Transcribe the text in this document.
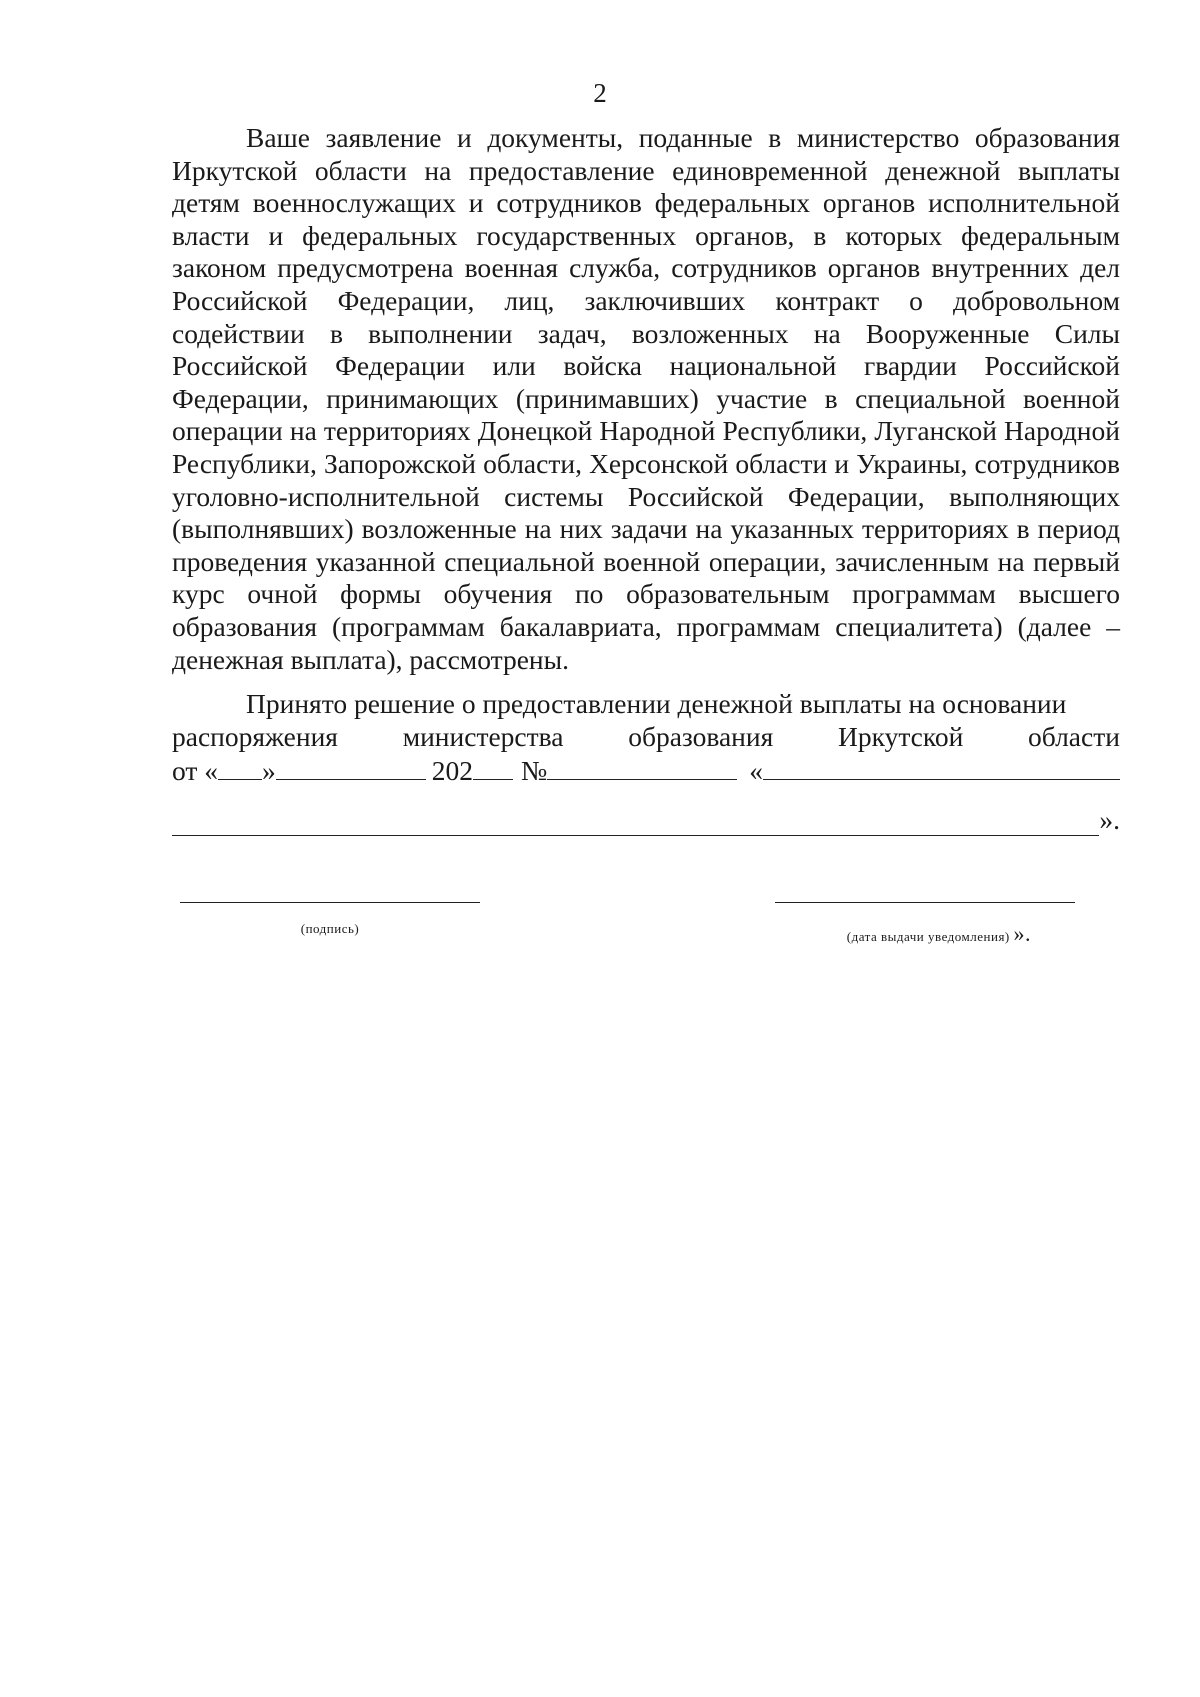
2

Ваше заявление и документы, поданные в министерство образования Иркутской области на предоставление единовременной денежной выплаты детям военнослужащих и сотрудников федеральных органов исполнительной власти и федеральных государственных органов, в которых федеральным законом предусмотрена военная служба, сотрудников органов внутренних дел Российской Федерации, лиц, заключивших контракт о добровольном содействии в выполнении задач, возложенных на Вооруженные Силы Российской Федерации или войска национальной гвардии Российской Федерации, принимающих (принимавших) участие в специальной военной операции на территориях Донецкой Народной Республики, Луганской Народной Республики, Запорожской области, Херсонской области и Украины, сотрудников уголовно-исполнительной системы Российской Федерации, выполняющих (выполнявших) возложенные на них задачи на указанных территориях в период проведения указанной специальной военной операции, зачисленным на первый курс очной формы обучения по образовательным программам высшего образования (программам бакалавриата, программам специалитета) (далее – денежная выплата), рассмотрены.

Принято решение о предоставлении денежной выплаты на основании

распоряжения министерства образования Иркутской области
от « »	202 №	«
».
(подпись)
(дата выдачи уведомления) ».
